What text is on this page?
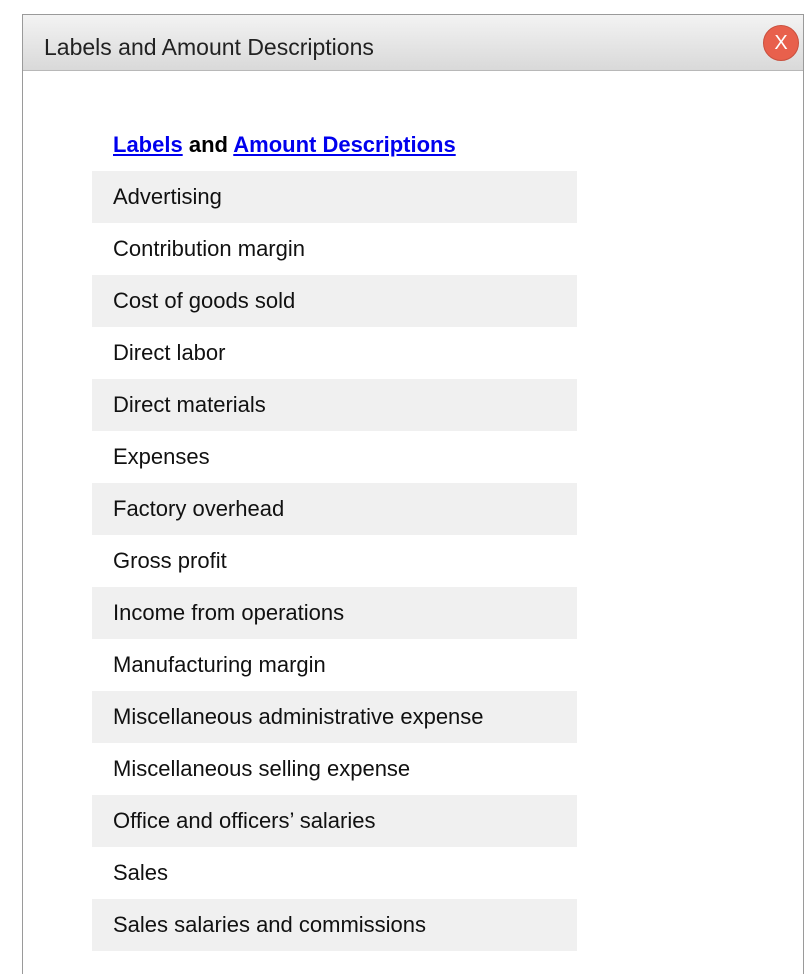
Labels and Amount Descriptions	X
Labels and Amount Descriptions
Advertising
Contribution margin
Cost of goods sold
Direct labor
Direct materials
Expenses
Factory overhead
Gross profit
Income from operations
Manufacturing margin
Miscellaneous administrative expense
Miscellaneous selling expense
Office and officers’ salaries
Sales
Sales salaries and commissions
